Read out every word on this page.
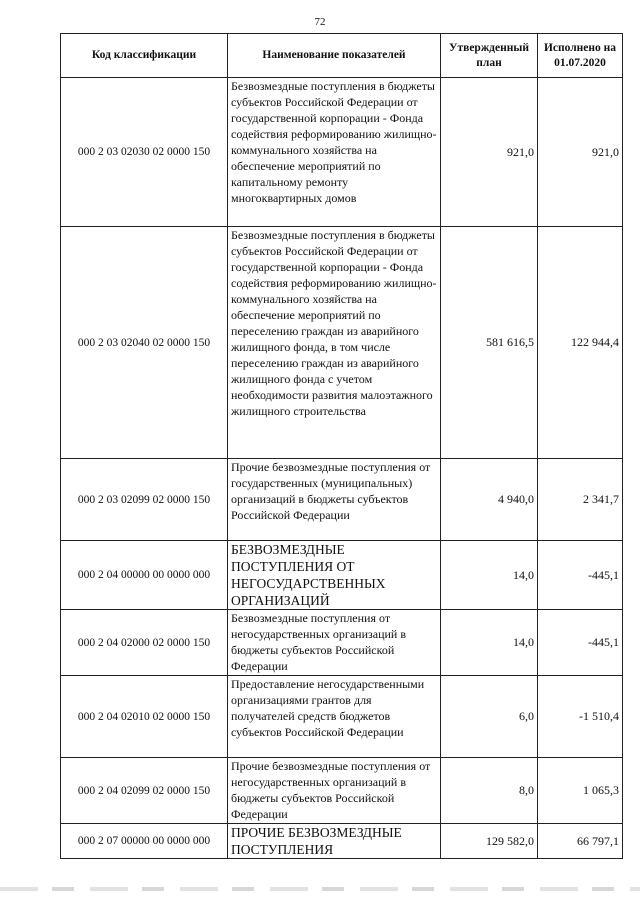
72
Код классификации	Наименование показателей	Утвержденный план	Исполнено на 01.07.2020
000 2 03 02030 02 0000 150	Безвозмездные поступления в бюджеты субъектов Российской Федерации от государственной корпорации - Фонда содействия реформированию жилищно-коммунального хозяйства на обеспечение мероприятий по капитальному ремонту многоквартирных домов	921,0	921,0
000 2 03 02040 02 0000 150	Безвозмездные поступления в бюджеты субъектов Российской Федерации от государственной корпорации - Фонда содействия реформированию жилищно-коммунального хозяйства на обеспечение мероприятий по переселению граждан из аварийного жилищного фонда, в том числе переселению граждан из аварийного жилищного фонда с учетом необходимости развития малоэтажного жилищного строительства	581 616,5	122 944,4
000 2 03 02099 02 0000 150	Прочие безвозмездные поступления от государственных (муниципальных) организаций в бюджеты субъектов Российской Федерации	4 940,0	2 341,7
000 2 04 00000 00 0000 000	БЕЗВОЗМЕЗДНЫЕ ПОСТУПЛЕНИЯ ОТ НЕГОСУДАРСТВЕННЫХ ОРГАНИЗАЦИЙ	14,0	-445,1
000 2 04 02000 02 0000 150	Безвозмездные поступления от негосударственных организаций в бюджеты субъектов Российской Федерации	14,0	-445,1
000 2 04 02010 02 0000 150	Предоставление негосударственными организациями грантов для получателей средств бюджетов субъектов Российской Федерации	6,0	-1 510,4
000 2 04 02099 02 0000 150	Прочие безвозмездные поступления от негосударственных организаций в бюджеты субъектов Российской Федерации	8,0	1 065,3
000 2 07 00000 00 0000 000	ПРОЧИЕ БЕЗВОЗМЕЗДНЫЕ ПОСТУПЛЕНИЯ	129 582,0	66 797,1
